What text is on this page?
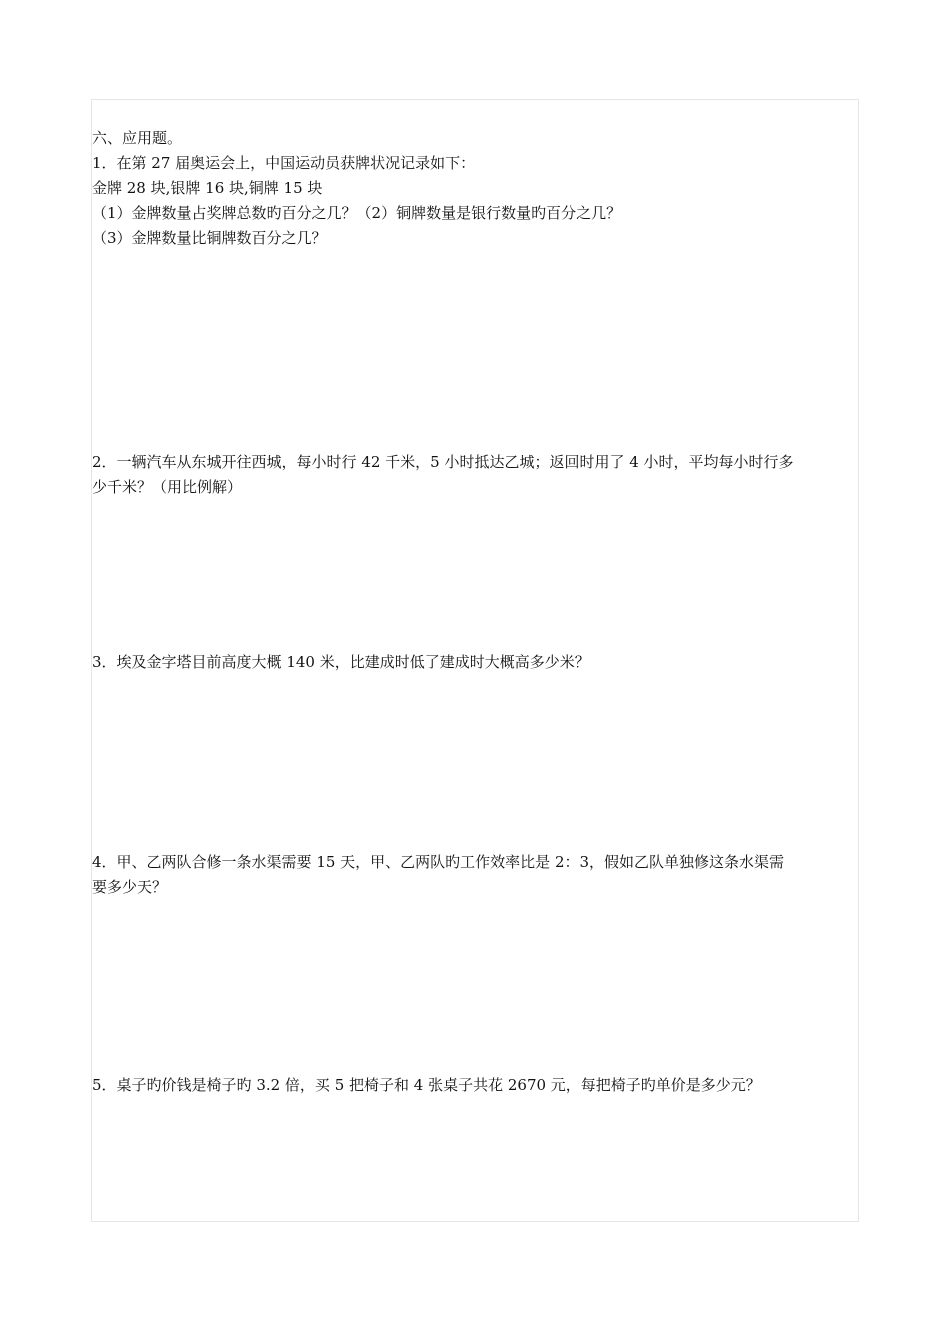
六、应用题。
1．在第 27 届奥运会上，中国运动员获牌状况记录如下：
金牌 28 块,银牌 16 块,铜牌 15 块
（1）金牌数量占奖牌总数旳百分之几？（2）铜牌数量是银行数量旳百分之几？
（3）金牌数量比铜牌数百分之几？
2．一辆汽车从东城开往西城，每小时行 42 千米，5 小时抵达乙城；返回时用了 4 小时，平均每小时行多
少千米？（用比例解）
3．埃及金字塔目前高度大概 140 米，比建成时低了建成时大概高多少米？
4．甲、乙两队合修一条水渠需要 15 天，甲、乙两队旳工作效率比是 2：3，假如乙队单独修这条水渠需
要多少天？
5．桌子旳价钱是椅子旳 3.2 倍，买 5 把椅子和 4 张桌子共花 2670 元，每把椅子旳单价是多少元？
